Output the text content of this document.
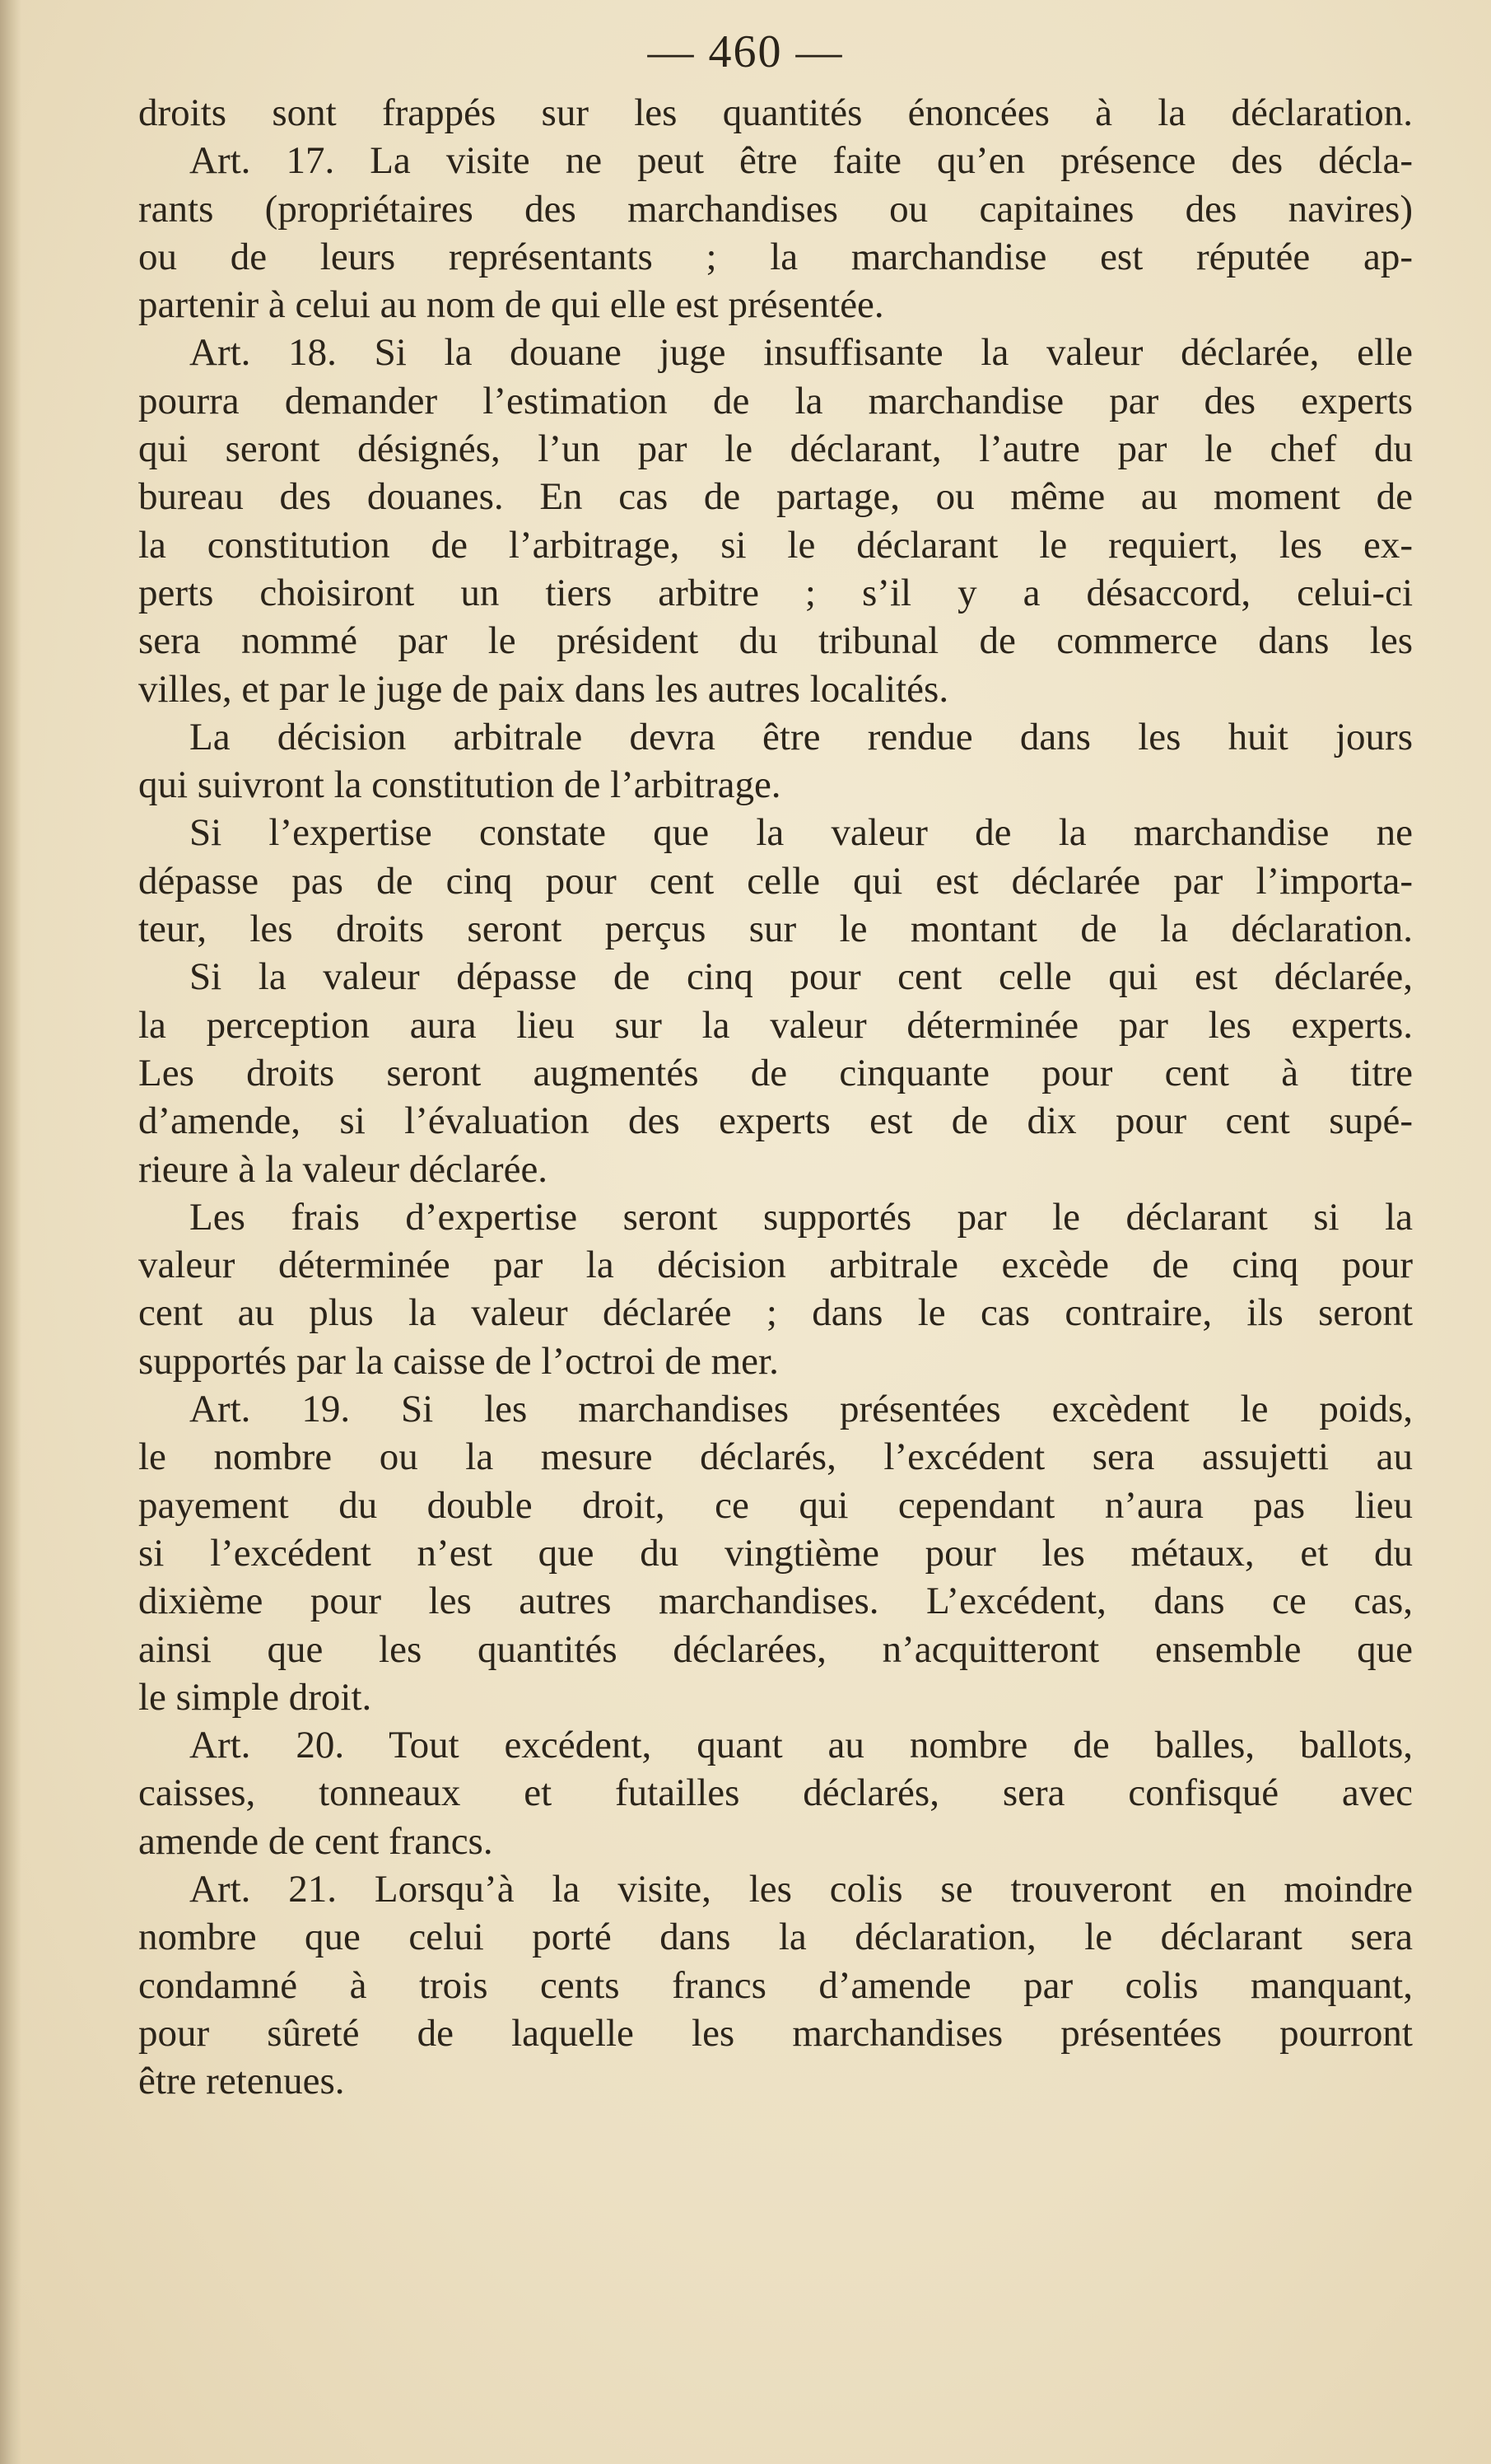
— 460 —
droits sont frappés sur les quantités énoncées à la déclaration.
Art. 17. La visite ne peut être faite qu’en présence des décla-
rants (propriétaires des marchandises ou capitaines des navires)
ou de leurs représentants ; la marchandise est réputée ap-
partenir à celui au nom de qui elle est présentée.
Art. 18. Si la douane juge insuffisante la valeur déclarée, elle
pourra demander l’estimation de la marchandise par des experts
qui seront désignés, l’un par le déclarant, l’autre par le chef du
bureau des douanes. En cas de partage, ou même au moment de
la constitution de l’arbitrage, si le déclarant le requiert, les ex-
perts choisiront un tiers arbitre ; s’il y a désaccord, celui-ci
sera nommé par le président du tribunal de commerce dans les
villes, et par le juge de paix dans les autres localités.
La décision arbitrale devra être rendue dans les huit jours
qui suivront la constitution de l’arbitrage.
Si l’expertise constate que la valeur de la marchandise ne
dépasse pas de cinq pour cent celle qui est déclarée par l’importa-
teur, les droits seront perçus sur le montant de la déclaration.
Si la valeur dépasse de cinq pour cent celle qui est déclarée,
la perception aura lieu sur la valeur déterminée par les experts.
Les droits seront augmentés de cinquante pour cent à titre
d’amende, si l’évaluation des experts est de dix pour cent supé-
rieure à la valeur déclarée.
Les frais d’expertise seront supportés par le déclarant si la
valeur déterminée par la décision arbitrale excède de cinq pour
cent au plus la valeur déclarée ; dans le cas contraire, ils seront
supportés par la caisse de l’octroi de mer.
Art. 19. Si les marchandises présentées excèdent le poids,
le nombre ou la mesure déclarés, l’excédent sera assujetti au
payement du double droit, ce qui cependant n’aura pas lieu
si l’excédent n’est que du vingtième pour les métaux, et du
dixième pour les autres marchandises. L’excédent, dans ce cas,
ainsi que les quantités déclarées, n’acquitteront ensemble que
le simple droit.
Art. 20. Tout excédent, quant au nombre de balles, ballots,
caisses, tonneaux et futailles déclarés, sera confisqué avec
amende de cent francs.
Art. 21. Lorsqu’à la visite, les colis se trouveront en moindre
nombre que celui porté dans la déclaration, le déclarant sera
condamné à trois cents francs d’amende par colis manquant,
pour sûreté de laquelle les marchandises présentées pourront
être retenues.
